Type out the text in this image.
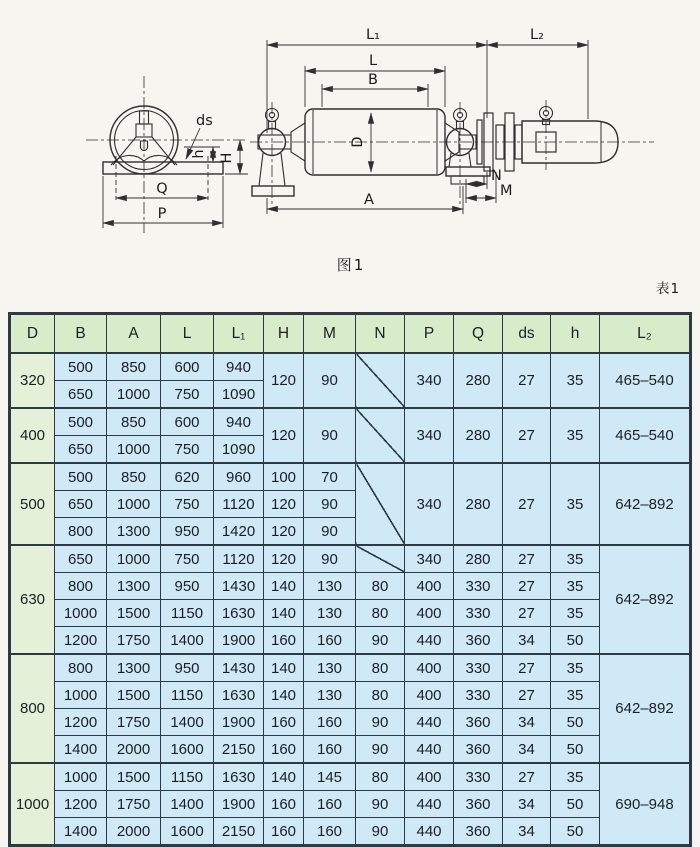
ds
h H
Q
P
L₁	L₂
L
B
D
A
N
M
图1
表1
D	B	A	L	L₁	H	M	N	P	Q	ds	h	L₂
320	500	850	600	940	120	90		340	280	27	35	465–540
	650	1000	750	1090								
400	500	850	600	940	120	90		340	280	27	35	465–540
	650	1000	750	1090								
500	500	850	620	960	100	70		340	280	27	35	642–892
	650	1000	750	1120	120	90						
	800	1300	950	1420	120	90						
630	650	1000	750	1120	120	90		340	280	27	35	642–892
	800	1300	950	1430	140	130	80	400	330	27	35	
	1000	1500	1150	1630	140	130	80	400	330	27	35	
	1200	1750	1400	1900	160	160	90	440	360	34	50	
800	800	1300	950	1430	140	130	80	400	330	27	35	642–892
	1000	1500	1150	1630	140	130	80	400	330	27	35	
	1200	1750	1400	1900	160	160	90	440	360	34	50	
	1400	2000	1600	2150	160	160	90	440	360	34	50	
1000	1000	1500	1150	1630	140	145	80	400	330	27	35	690–948
	1200	1750	1400	1900	160	160	90	440	360	34	50	
	1400	2000	1600	2150	160	160	90	440	360	34	50	
